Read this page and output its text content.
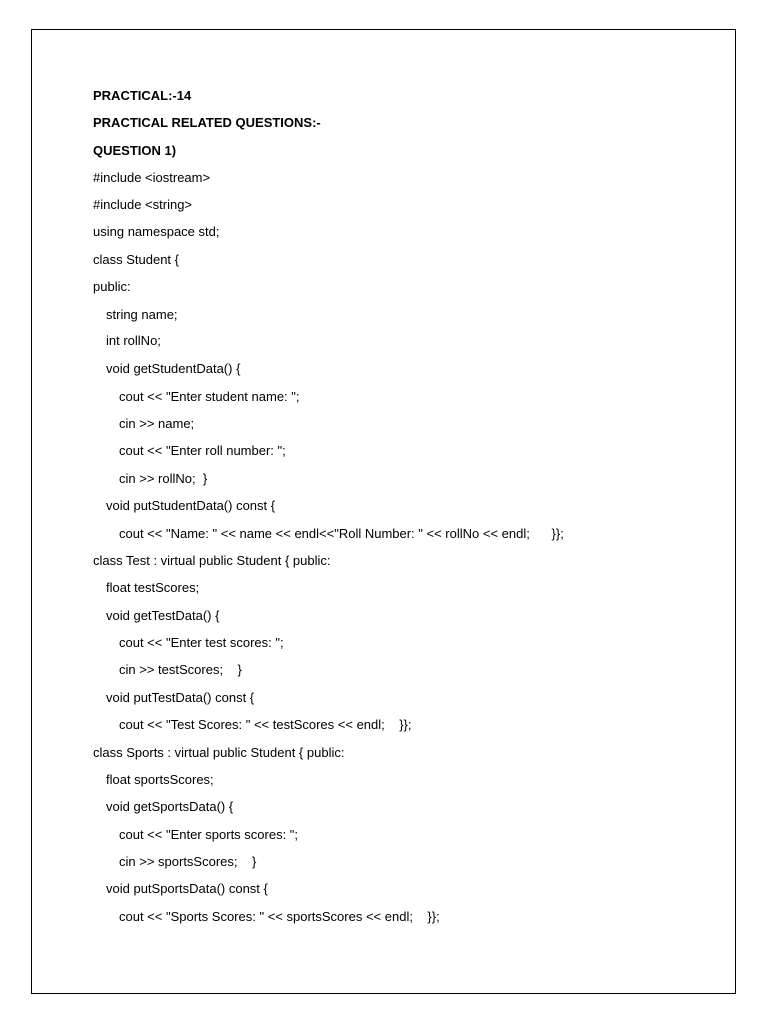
PRACTICAL:-14
PRACTICAL RELATED QUESTIONS:-
QUESTION 1)
#include <iostream>
#include <string>
using namespace std;
class Student {
public:
string name;
int rollNo;
void getStudentData() {
cout << "Enter student name: ";
cin >> name;
cout << "Enter roll number: ";
cin >> rollNo;  }
void putStudentData() const {
cout << "Name: " << name << endl<<"Roll Number: " << rollNo << endl;      }};
class Test : virtual public Student { public:
float testScores;
void getTestData() {
cout << "Enter test scores: ";
cin >> testScores;    }
void putTestData() const {
cout << "Test Scores: " << testScores << endl;    }};
class Sports : virtual public Student { public:
float sportsScores;
void getSportsData() {
cout << "Enter sports scores: ";
cin >> sportsScores;    }
void putSportsData() const {
cout << "Sports Scores: " << sportsScores << endl;    }};
